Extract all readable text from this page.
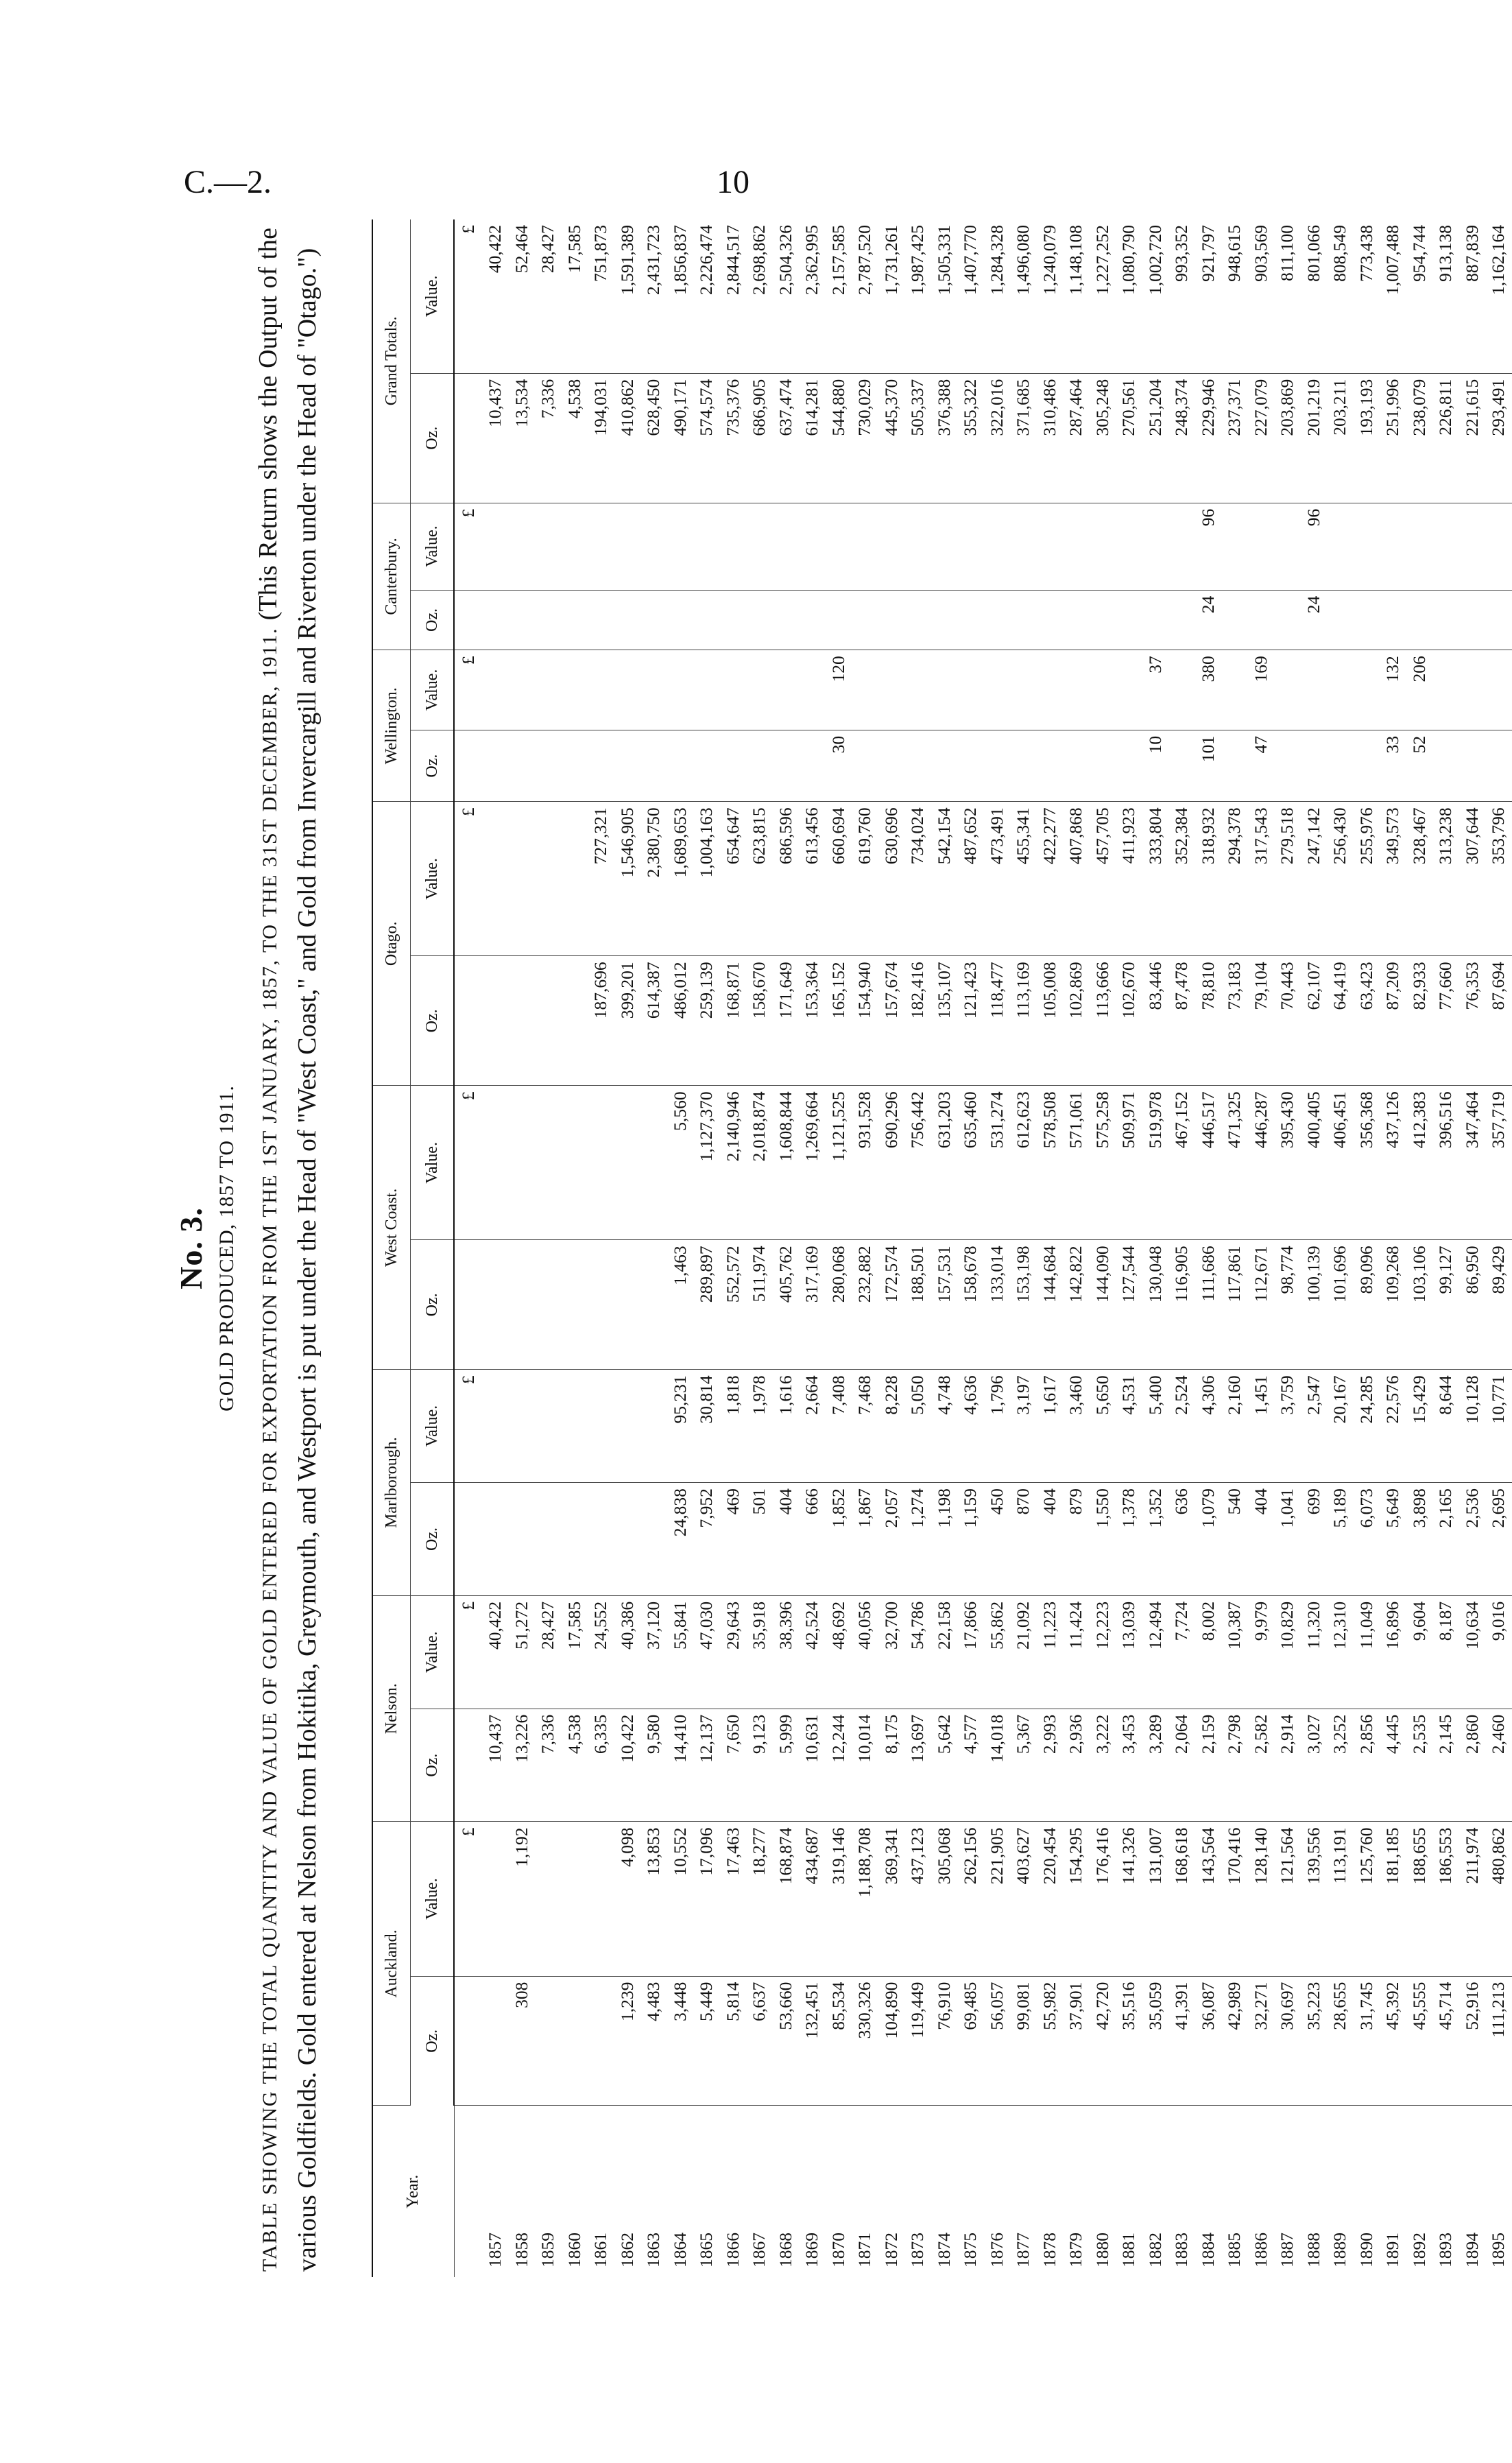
C.—2.	10
No. 3. GOLD PRODUCED, 1857 TO 1911.	TABLE SHOWING THE TOTAL QUANTITY AND VALUE OF GOLD ENTERED FOR EXPORTATION FROM THE 1ST JANUARY, 1857, TO THE 31ST DECEMBER, 1911. (This Return shows the Output of the various Goldfields. Gold entered at Nelson from Hokitika, Greymouth, and Westport is put under the Head of "West Coast," and Gold from Invercargill and Riverton under the Head of "Otago.")	Year.	Auckland.		Nelson.		Marlborough.		West Coast.		Otago.		Wellington.		Canterbury.		Grand Totals.	
	Oz.	Value.	Oz.	Value.	Oz.	Value.	Oz.	Value.	Oz.	Value.	Oz.	Value.	Oz.	Value.	Oz.	Value.
		£		£		£		£		£		£		£		£
1857			10,437	40,422											10,437	40,422
1858	308	1,192	13,226	51,272											13,534	52,464
1859			7,336	28,427											7,336	28,427
1860			4,538	17,585											4,538	17,585
1861			6,335	24,552					187,696	727,321					194,031	751,873
1862	1,239	4,098	10,422	40,386					399,201	1,546,905					410,862	1,591,389
1863	4,483	13,853	9,580	37,120					614,387	2,380,750					628,450	2,431,723
1864	3,448	10,552	14,410	55,841	24,838	95,231	1,463	5,560	486,012	1,689,653					490,171	1,856,837
1865	5,449	17,096	12,137	47,030	7,952	30,814	289,897	1,127,370	259,139	1,004,163					574,574	2,226,474
1866	5,814	17,463	7,650	29,643	469	1,818	552,572	2,140,946	168,871	654,647					735,376	2,844,517
1867	6,637	18,277	9,123	35,918	501	1,978	511,974	2,018,874	158,670	623,815					686,905	2,698,862
1868	53,660	168,874	5,999	38,396	404	1,616	405,762	1,608,844	171,649	686,596					637,474	2,504,326
1869	132,451	434,687	10,631	42,524	666	2,664	317,169	1,269,664	153,364	613,456					614,281	2,362,995
1870	85,534	319,146	12,244	48,692	1,852	7,408	280,068	1,121,525	165,152	660,694	30	120			544,880	2,157,585
1871	330,326	1,188,708	10,014	40,056	1,867	7,468	232,882	931,528	154,940	619,760					730,029	2,787,520
1872	104,890	369,341	8,175	32,700	2,057	8,228	172,574	690,296	157,674	630,696					445,370	1,731,261
1873	119,449	437,123	13,697	54,786	1,274	5,050	188,501	756,442	182,416	734,024					505,337	1,987,425
1874	76,910	305,068	5,642	22,158	1,198	4,748	157,531	631,203	135,107	542,154					376,388	1,505,331
1875	69,485	262,156	4,577	17,866	1,159	4,636	158,678	635,460	121,423	487,652					355,322	1,407,770
1876	56,057	221,905	14,018	55,862	450	1,796	133,014	531,274	118,477	473,491					322,016	1,284,328
1877	99,081	403,627	5,367	21,092	870	3,197	153,198	612,623	113,169	455,341					371,685	1,496,080
1878	55,982	220,454	2,993	11,223	404	1,617	144,684	578,508	105,008	422,277					310,486	1,240,079
1879	37,901	154,295	2,936	11,424	879	3,460	142,822	571,061	102,869	407,868					287,464	1,148,108
1880	42,720	176,416	3,222	12,223	1,550	5,650	144,090	575,258	113,666	457,705					305,248	1,227,252
1881	35,516	141,326	3,453	13,039	1,378	4,531	127,544	509,971	102,670	411,923					270,561	1,080,790
1882	35,059	131,007	3,289	12,494	1,352	5,400	130,048	519,978	83,446	333,804	10	37			251,204	1,002,720
1883	41,391	168,618	2,064	7,724	636	2,524	116,905	467,152	87,478	352,384					248,374	993,352
1884	36,087	143,564	2,159	8,002	1,079	4,306	111,686	446,517	78,810	318,932	101	380	24	96	229,946	921,797
1885	42,989	170,416	2,798	10,387	540	2,160	117,861	471,325	73,183	294,378					237,371	948,615
1886	32,271	128,140	2,582	9,979	404	1,451	112,671	446,287	79,104	317,543	47	169			227,079	903,569
1887	30,697	121,564	2,914	10,829	1,041	3,759	98,774	395,430	70,443	279,518					203,869	811,100
1888	35,223	139,556	3,027	11,320	699	2,547	100,139	400,405	62,107	247,142			24	96	201,219	801,066
1889	28,655	113,191	3,252	12,310	5,189	20,167	101,696	406,451	64,419	256,430					203,211	808,549
1890	31,745	125,760	2,856	11,049	6,073	24,285	89,096	356,368	63,423	255,976					193,193	773,438
1891	45,392	181,185	4,445	16,896	5,649	22,576	109,268	437,126	87,209	349,573	33	132			251,996	1,007,488
1892	45,555	188,655	2,535	9,604	3,898	15,429	103,106	412,383	82,933	328,467	52	206			238,079	954,744
1893	45,714	186,553	2,145	8,187	2,165	8,644	99,127	396,516	77,660	313,238					226,811	913,138
1894	52,916	211,974	2,860	10,634	2,536	10,128	86,950	347,464	76,353	307,644					221,615	887,839
1895	111,213	480,862	2,460	9,016	2,695	10,771	89,429	357,719	87,694	353,796					293,491	1,162,164
